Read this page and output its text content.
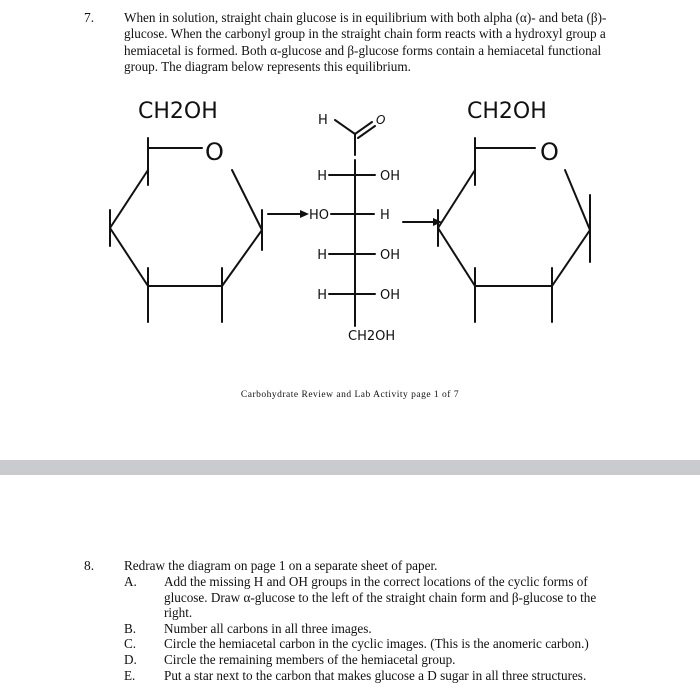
7. When in solution, straight chain glucose is in equilibrium with both alpha (α)- and beta (β)- glucose. When the carbonyl group in the straight chain form reacts with a hydroxyl group a hemiacetal is formed. Both α-glucose and β-glucose forms contain a hemiacetal functional group. The diagram below represents this equilibrium.

CH2OH
O
CH2OH
O
H	O
H	OH
HO	H
H	OH
H	OH
CH2OH
Carbohydrate Review and Lab Activity page 1 of 7
8. Redraw the diagram on page 1 on a separate sheet of paper.
A.	Add the missing H and OH groups in the correct locations of the cyclic forms of glucose. Draw α-glucose to the left of the straight chain form and β-glucose to the right.
B.	Number all carbons in all three images.
C.	Circle the hemiacetal carbon in the cyclic images. (This is the anomeric carbon.)
D.	Circle the remaining members of the hemiacetal group.
E.	Put a star next to the carbon that makes glucose a D sugar in all three structures.
